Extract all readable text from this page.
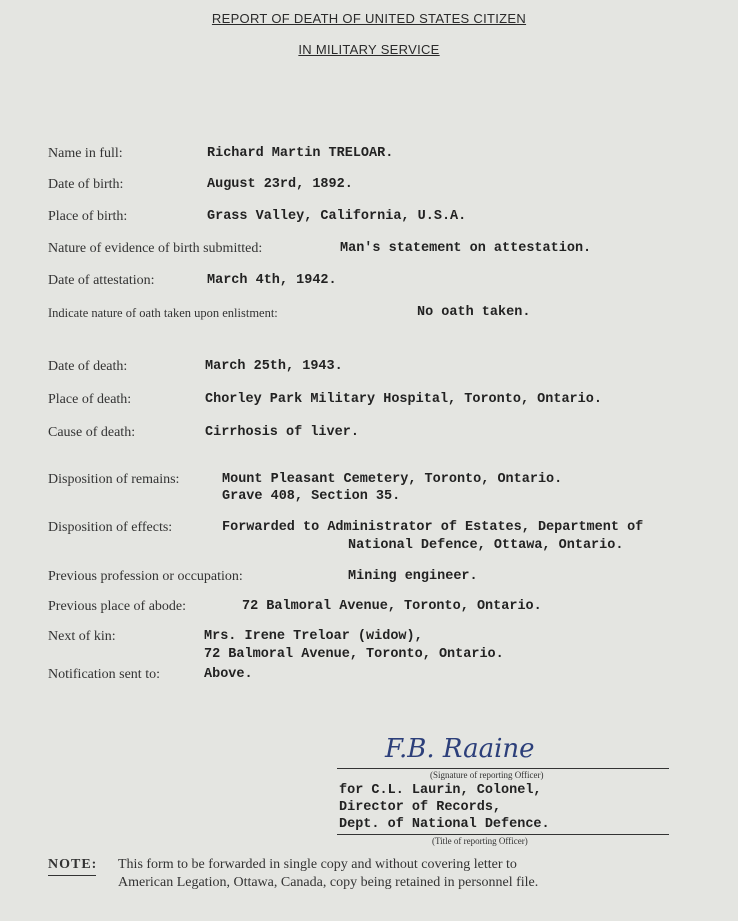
REPORT OF DEATH OF UNITED STATES CITIZEN
IN MILITARY SERVICE
Name in full:	Richard Martin TRELOAR.
Date of birth:	August 23rd, 1892.
Place of birth:	Grass Valley, California, U.S.A.
Nature of evidence of birth submitted:	Man's statement on attestation.
Date of attestation:	March 4th, 1942.
Indicate nature of oath taken upon enlistment:	No oath taken.
Date of death:	March 25th, 1943.
Place of death:	Chorley Park Military Hospital, Toronto, Ontario.
Cause of death:	Cirrhosis of liver.
Disposition of remains:	Mount Pleasant Cemetery, Toronto, Ontario.
Grave 408, Section 35.
Disposition of effects:	Forwarded to Administrator of Estates, Department of
National Defence, Ottawa, Ontario.
Previous profession or occupation:	Mining engineer.
Previous place of abode:	72 Balmoral Avenue, Toronto, Ontario.
Next of kin:	Mrs. Irene Treloar (widow),
72 Balmoral Avenue, Toronto, Ontario.
Notification sent to:	Above.
F.B. Raaine
(Signature of reporting Officer)
for C.L. Laurin, Colonel,
Director of Records,
Dept. of National Defence.
(Title of reporting Officer)
NOTE: This form to be forwarded in single copy and without covering letter to
American Legation, Ottawa, Canada, copy being retained in personnel file.
